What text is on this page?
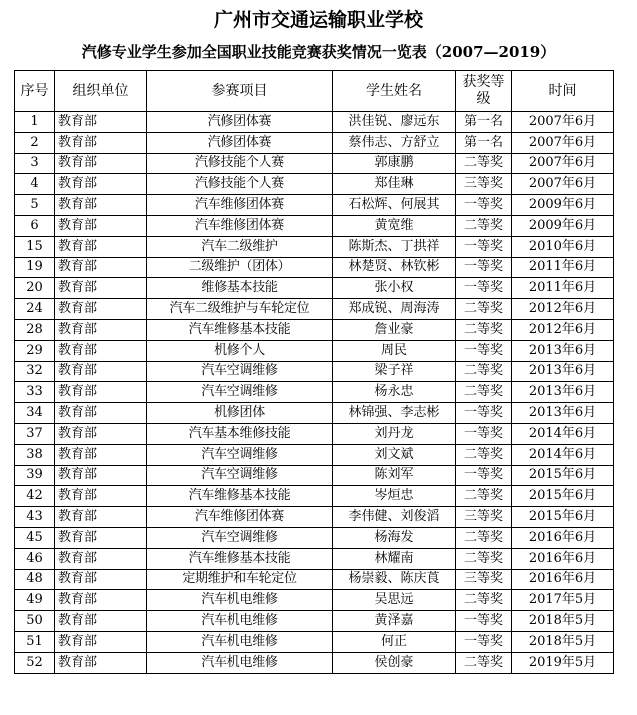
广州市交通运输职业学校
汽修专业学生参加全国职业技能竞赛获奖情况一览表（2007—2019）
序号	组织单位	参赛项目	学生姓名	获奖等级	时间
1	教育部	汽修团体赛	洪佳锐、廖远东	第一名	2007年6月
2	教育部	汽修团体赛	蔡伟志、方舒立	第一名	2007年6月
3	教育部	汽修技能个人赛	郭康鹏	二等奖	2007年6月
4	教育部	汽修技能个人赛	郑佳琳	三等奖	2007年6月
5	教育部	汽车维修团体赛	石松辉、何展其	一等奖	2009年6月
6	教育部	汽车维修团体赛	黄宽维	二等奖	2009年6月
15	教育部	汽车二级维护	陈斯杰、丁拱祥	一等奖	2010年6月
19	教育部	二级维护（团体）	林楚贤、林钦彬	一等奖	2011年6月
20	教育部	维修基本技能	张小权	一等奖	2011年6月
24	教育部	汽车二级维护与车轮定位	郑成锐、周海涛	二等奖	2012年6月
28	教育部	汽车维修基本技能	詹业豪	二等奖	2012年6月
29	教育部	机修个人	周民	一等奖	2013年6月
32	教育部	汽车空调维修	梁子祥	二等奖	2013年6月
33	教育部	汽车空调维修	杨永忠	二等奖	2013年6月
34	教育部	机修团体	林锦强、李志彬	一等奖	2013年6月
37	教育部	汽车基本维修技能	刘丹龙	一等奖	2014年6月
38	教育部	汽车空调维修	刘文斌	二等奖	2014年6月
39	教育部	汽车空调维修	陈刘军	一等奖	2015年6月
42	教育部	汽车维修基本技能	岑烜忠	二等奖	2015年6月
43	教育部	汽车维修团体赛	李伟健、刘俊滔	三等奖	2015年6月
45	教育部	汽车空调维修	杨海发	二等奖	2016年6月
46	教育部	汽车维修基本技能	林耀南	二等奖	2016年6月
48	教育部	定期维护和车轮定位	杨崇毅、陈庆莨	三等奖	2016年6月
49	教育部	汽车机电维修	吴思远	二等奖	2017年5月
50	教育部	汽车机电维修	黄泽嘉	一等奖	2018年5月
51	教育部	汽车机电维修	何正	一等奖	2018年5月
52	教育部	汽车机电维修	侯创豪	二等奖	2019年5月
